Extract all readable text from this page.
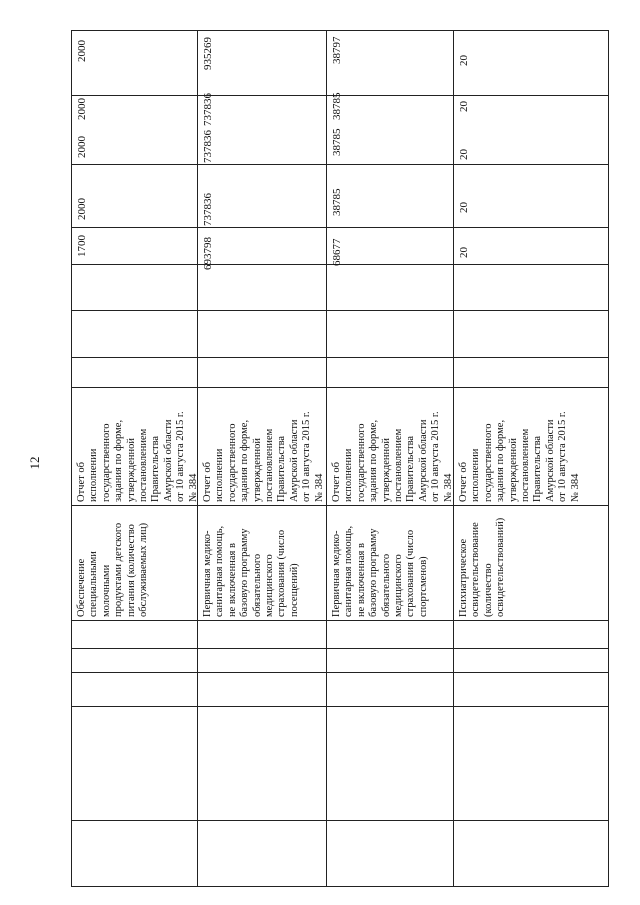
12
1700
2000
2000
2000
2000
Обеспечение
специальными
молочными
продуктами детского
питания (количество
обслуживаемых лиц)
Отчет об
исполнении
государственного
задания по форме,
утвержденной
постановлением
Правительства
Амурской области
от 10 августа 2015 г.
№ 384
Первичная медико-
санитарная помощь,
не включенная в
базовую программу
обязательного
медицинского
страхования (число
посещений)
Отчет об
исполнении
государственного
задания по форме,
утвержденной
постановлением
Правительства
Амурской области
от 10 августа 2015 г.
№ 384
693798
737836
737836
737836
935269
Первичная медико-
санитарная помощь,
не включенная в
базовую программу
обязательного
медицинского
страхования (число
спортсменов)
Отчет об
исполнении
государственного
задания по форме,
утвержденной
постановлением
Правительства
Амурской области
от 10 августа 2015 г.
№ 384
68677
38785
38785
38785
38797
Психиатрическое
освидетельствование
(количество
освидетельствований)
Отчет об
исполнении
государственного
задания по форме,
утвержденной
постановлением
Правительства
Амурской области
от 10 августа 2015 г.
№ 384
20
20
20
20
20
